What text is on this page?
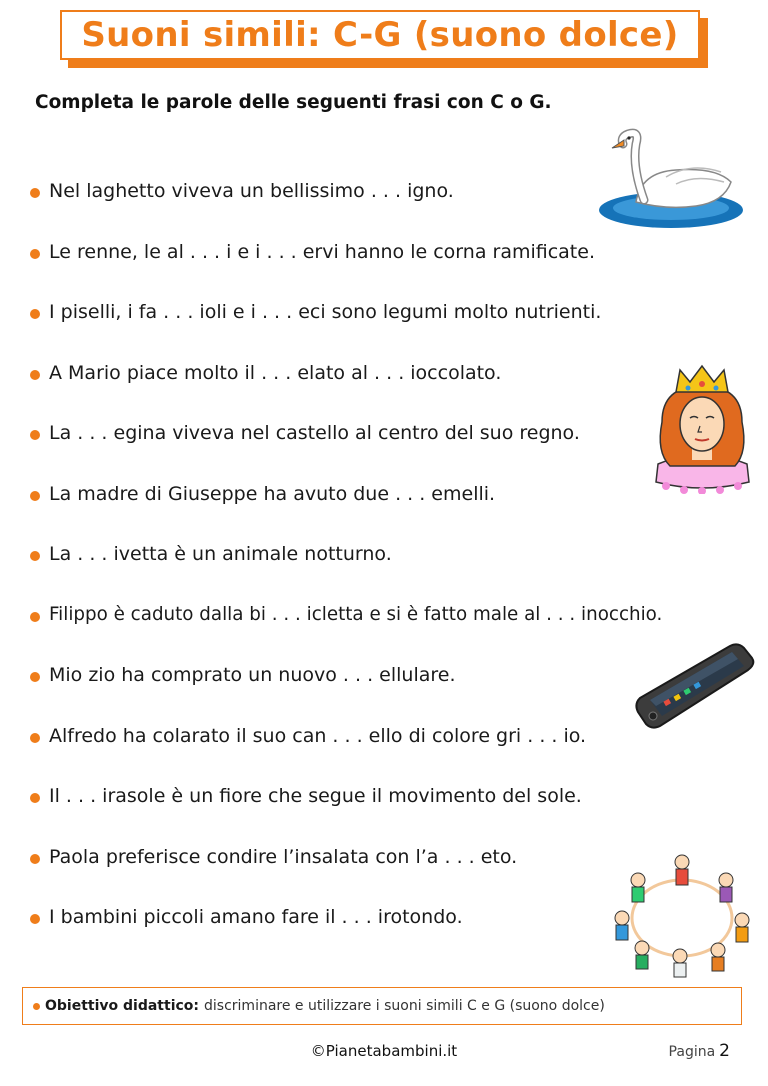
Suoni simili: C-G (suono dolce)
Completa le parole delle seguenti frasi con C o G.
Nel laghetto viveva un bellissimo . . . igno.
Le renne, le al . . . i e i . . . ervi hanno le corna ramificate.
I piselli, i fa . . . ioli e i . . . eci sono legumi molto nutrienti.
A Mario piace molto il . . . elato al . . . ioccolato.
La . . . egina viveva nel castello al centro del suo regno.
La madre di Giuseppe ha avuto due . . . emelli.
La . . . ivetta è un animale notturno.
Filippo è caduto dalla bi . . . icletta e si è fatto male al . . . inocchio.
Mio zio ha comprato un nuovo . . . ellulare.
Alfredo ha colarato il suo can . . . ello di colore gri . . . io.
Il . . . irasole è un fiore che segue il movimento del sole.
Paola preferisce condire l’insalata con l’a . . . eto.
I bambini piccoli amano fare il . . . irotondo.
Obiettivo didattico: discriminare e utilizzare i suoni simili C e G (suono dolce)
©Pianetabambini.it	Pagina 2
